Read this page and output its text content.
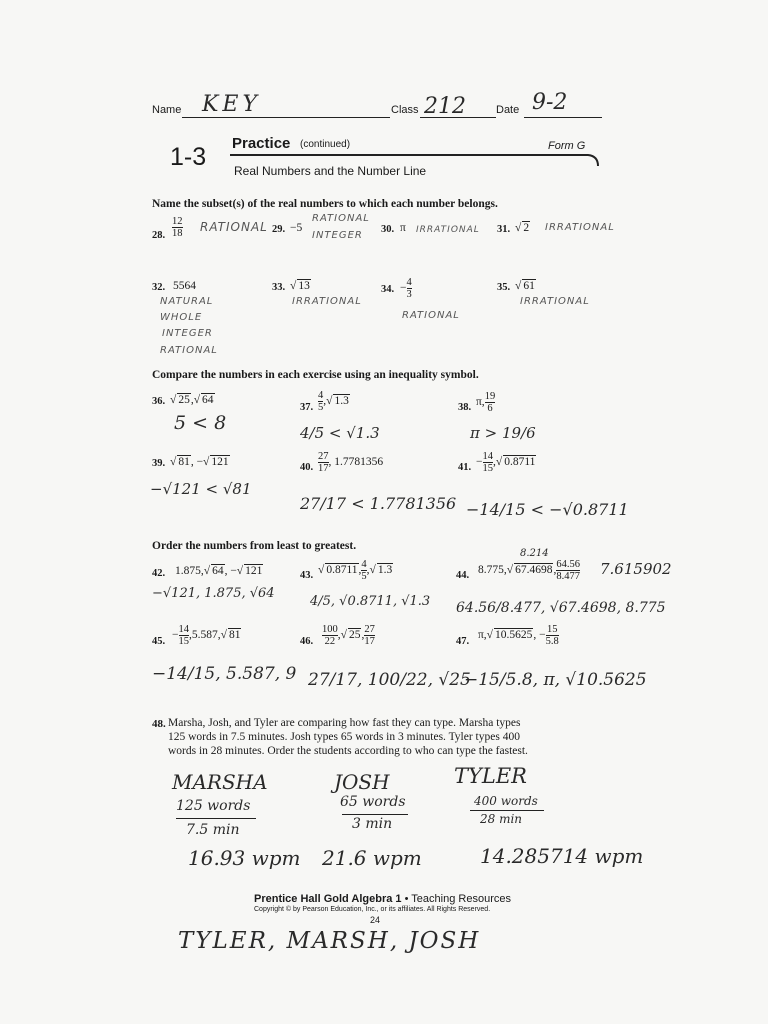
Name KEY	Class 212	Date 9-2
1-3 Practice (continued)	Form G
Real Numbers and the Number Line
Name the subset(s) of the real numbers to which each number belongs.
28. $\frac{12}{18}$ RATIONAL 29. −5
RATIONAL
INTEGER
30. π IRRATIONAL 31. √ 2 IRRATIONAL
32. 5564
NATURAL
WHOLE
INTEGER
RATIONAL
33. √ 13
IRRATIONAL
34. − $\frac{4}{3}$
RATIONAL
35. √ 61
IRRATIONAL
Compare the numbers in each exercise using an inequality symbol.
36. √ 25,√ 64
5 < 8
37. $\frac{4}{5}$ ,√ 1.3
4/5 < √1.3
38. π, $\frac{19}{6}$
π > 19/6
39. √ 81, −√ 121
−√121 < √81
40. $\frac{27}{17}$ , 1.7781356
27/17 < 1.7781356
41. − $\frac{14}{15}$ ,√ 0.8711
−14/15 < −√0.8711
Order the numbers from least to greatest.
42. 1.875,√ 64, −√ 121
−√121, 1.875, √64
43. √ 0.8711, $\frac{4}{5}$ ,√ 1.3
4/5, √0.8711, √1.3
44. 8.775,√ 67.4698, $\frac{64.56}{8.477}$
8.214
7.615902
64.56/8.477, √67.4698, 8.775
45.
− $\frac{14}{15} ,5.587,√$ 81
−14/15, 5.587, 9
46. $\frac{100}{22}$ ,√ 25, $\frac{27}{17}$
27/17, 100/22, √25
47.
π,√ 10.5625, − $\frac{15}{5.8}$
−15/5.8, π, √10.5625
48. Marsha, Josh, and Tyler are comparing how fast they can type. Marsha types 125 words in 7.5 minutes. Josh types 65 words in 3 minutes. Tyler types 400 words in 28 minutes. Order the students according to who can type the fastest.
MARSHA
125 words
7.5 min
16.93 wpm
JOSH
65 words
3 min
21.6 wpm
TYLER
400 words
28 min
14.285714 wpm
Prentice Hall Gold Algebra 1 • Teaching Resources
Copyright © by Pearson Education, Inc., or its affiliates. All Rights Reserved.
24
TYLER, MARSH, JOSH
